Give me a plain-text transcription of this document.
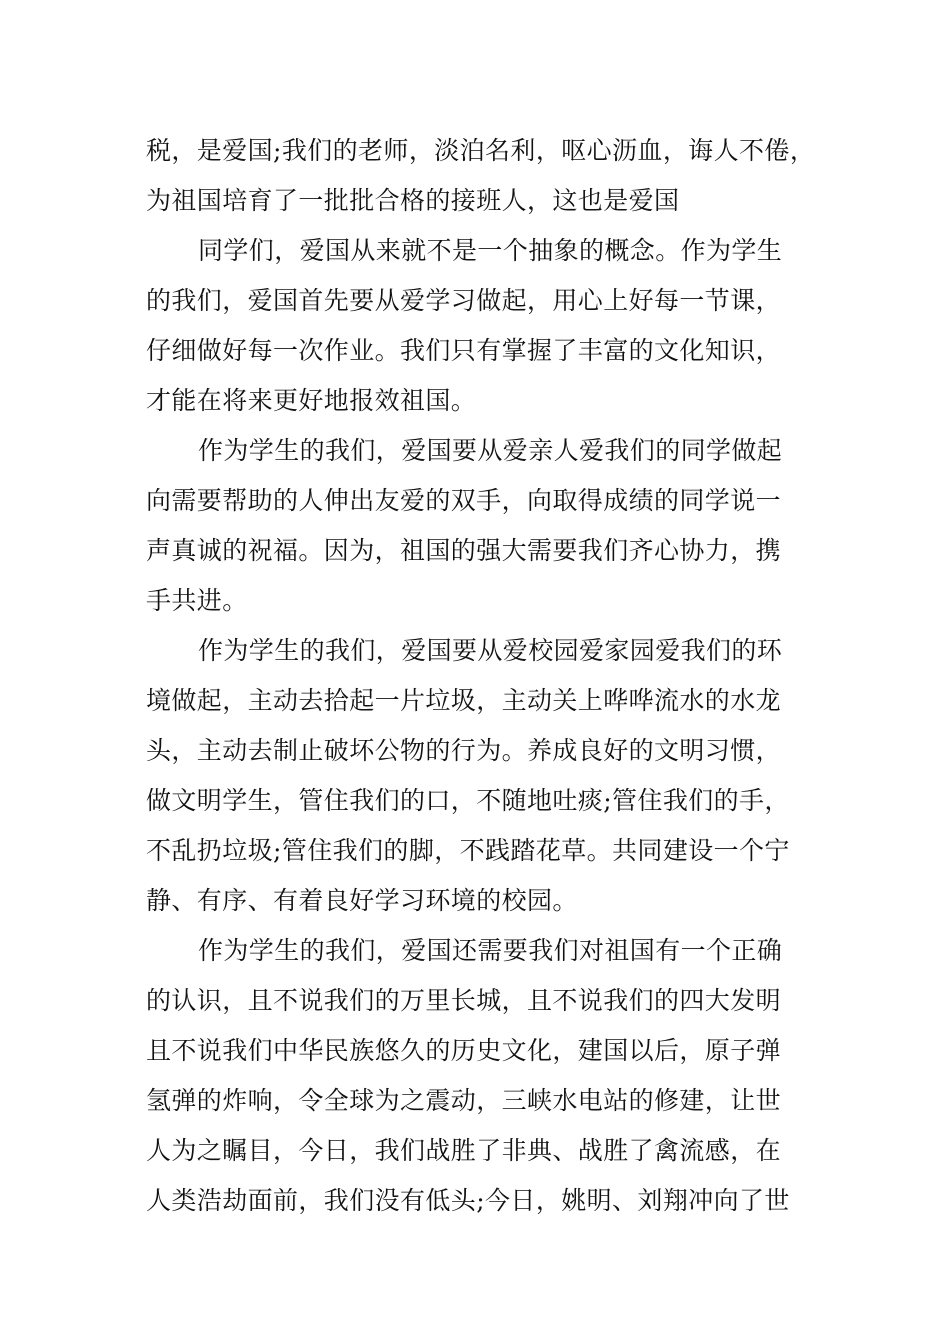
税，是爱国;我们的老师，淡泊名利，呕心沥血，诲人不倦，
为祖国培育了一批批合格的接班人，这也是爱国
同学们，爱国从来就不是一个抽象的概念。作为学生
的我们，爱国首先要从爱学习做起，用心上好每一节课，
仔细做好每一次作业。我们只有掌握了丰富的文化知识，
才能在将来更好地报效祖国。
作为学生的我们，爱国要从爱亲人爱我们的同学做起
向需要帮助的人伸出友爱的双手，向取得成绩的同学说一
声真诚的祝福。因为，祖国的强大需要我们齐心协力，携
手共进。
作为学生的我们，爱国要从爱校园爱家园爱我们的环
境做起，主动去拾起一片垃圾，主动关上哗哗流水的水龙
头，主动去制止破坏公物的行为。养成良好的文明习惯，
做文明学生，管住我们的口，不随地吐痰;管住我们的手，
不乱扔垃圾;管住我们的脚，不践踏花草。共同建设一个宁
静、有序、有着良好学习环境的校园。
作为学生的我们，爱国还需要我们对祖国有一个正确
的认识，且不说我们的万里长城，且不说我们的四大发明
且不说我们中华民族悠久的历史文化，建国以后，原子弹
氢弹的炸响，令全球为之震动，三峡水电站的修建，让世
人为之瞩目，今日，我们战胜了非典、战胜了禽流感，在
人类浩劫面前，我们没有低头;今日，姚明、刘翔冲向了世
